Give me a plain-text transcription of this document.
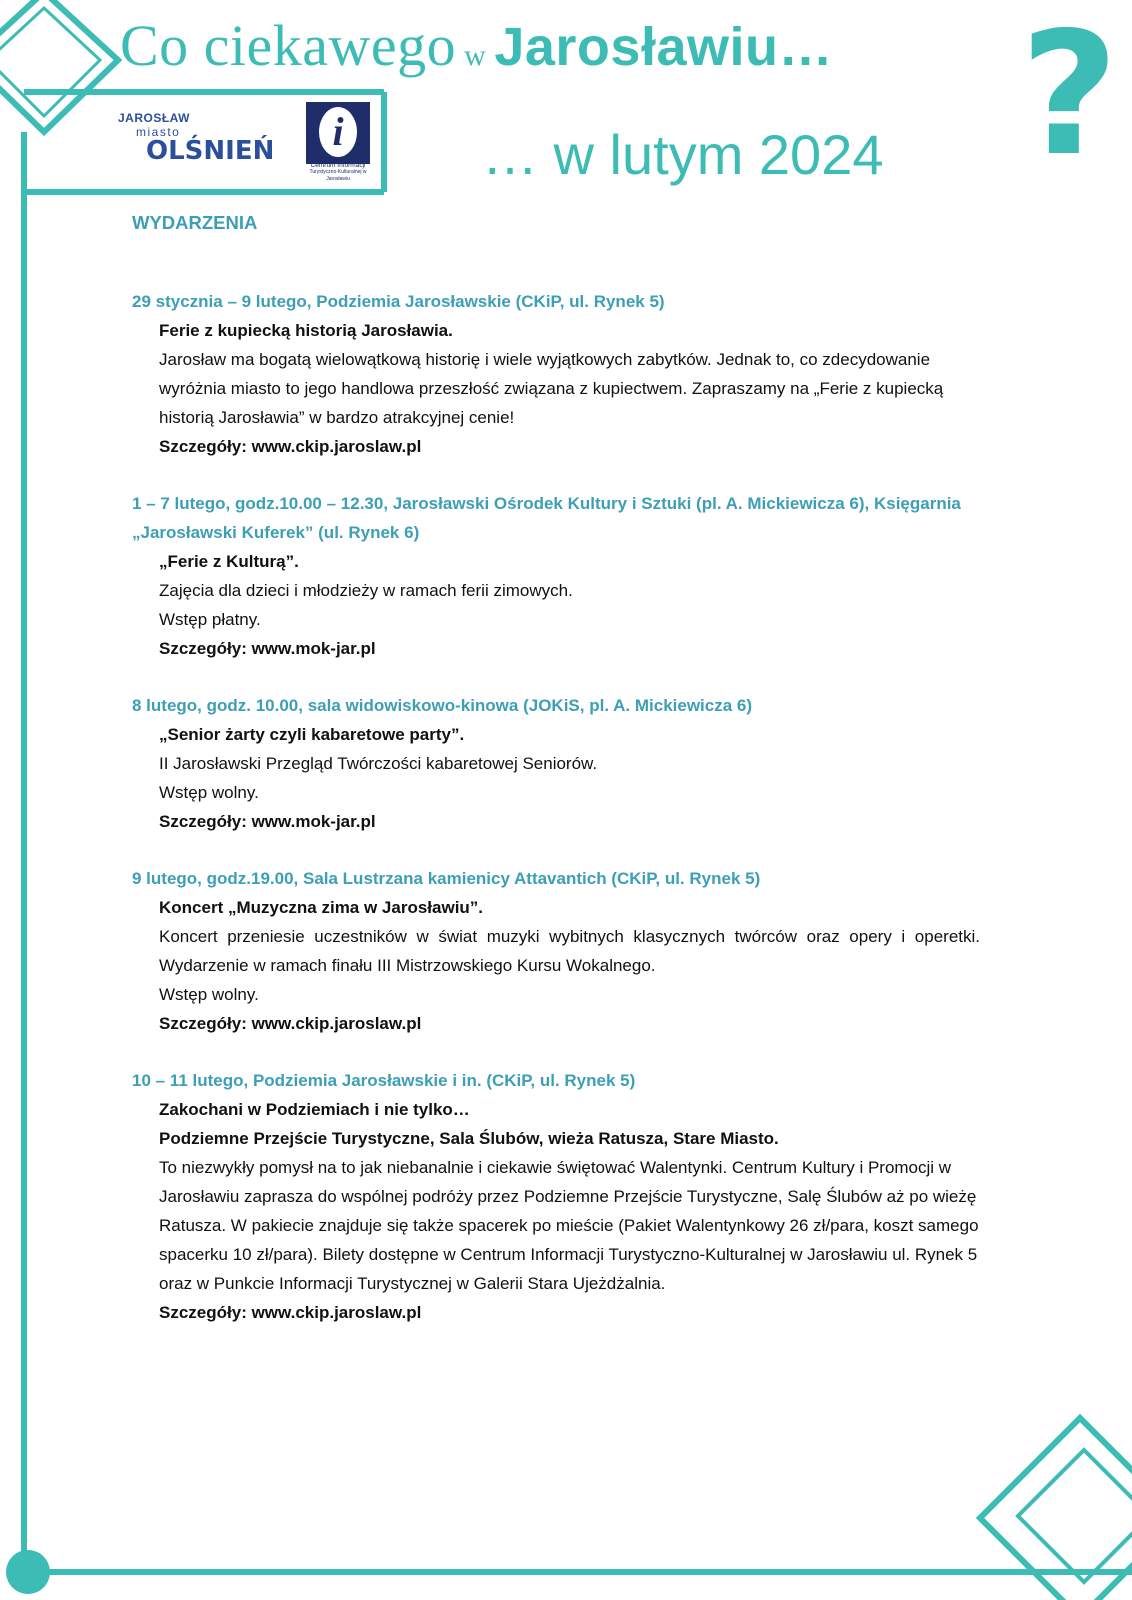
Co ciekawego w Jarosławiu…
… w lutym 2024 ?
JAROSŁAW
miasto
OLŚNIEŃ	i
Centrum Informacji
Turystyczno-Kulturalnej w Jarosławiu
WYDARZENIA
29 stycznia – 9 lutego, Podziemia Jarosławskie (CKiP, ul. Rynek 5)
Ferie z kupiecką historią Jarosławia.

Jarosław ma bogatą wielowątkową historię i wiele wyjątkowych zabytków. Jednak to, co zdecydowanie wyróżnia miasto to jego handlowa przeszłość związana z kupiectwem. Zapraszamy na „Ferie z kupiecką historią Jarosławia” w bardzo atrakcyjnej cenie!

Szczegóły: www.ckip.jaroslaw.pl
1 – 7 lutego, godz.10.00 – 12.30, Jarosławski Ośrodek Kultury i Sztuki (pl. A. Mickiewicza 6), Księgarnia „Jarosławski Kuferek” (ul. Rynek 6)
„Ferie z Kulturą”.

Zajęcia dla dzieci i młodzieży w ramach ferii zimowych.

Wstęp płatny.
Szczegóły: www.mok-jar.pl
8 lutego, godz. 10.00, sala widowiskowo-kinowa (JOKiS, pl. A. Mickiewicza 6)
„Senior żarty czyli kabaretowe party”.

II Jarosławski Przegląd Twórczości kabaretowej Seniorów.

Wstęp wolny.
Szczegóły: www.mok-jar.pl
9 lutego, godz.19.00, Sala Lustrzana kamienicy Attavantich (CKiP, ul. Rynek 5)
Koncert „Muzyczna zima w Jarosławiu”.

Koncert przeniesie uczestników w świat muzyki wybitnych klasycznych twórców oraz opery i operetki. Wydarzenie w ramach finału III Mistrzowskiego Kursu Wokalnego.

Wstęp wolny.
Szczegóły: www.ckip.jaroslaw.pl
10 – 11 lutego, Podziemia Jarosławskie i in. (CKiP, ul. Rynek 5)
Zakochani w Podziemiach i nie tylko…
Podziemne Przejście Turystyczne, Sala Ślubów, wieża Ratusza, Stare Miasto.

To niezwykły pomysł na to jak niebanalnie i ciekawie świętować Walentynki. Centrum Kultury i Promocji w Jarosławiu zaprasza do wspólnej podróży przez Podziemne Przejście Turystyczne, Salę Ślubów aż po wieżę Ratusza. W pakiecie znajduje się także spacerek po mieście (Pakiet Walentynkowy 26 zł/para, koszt samego spacerku 10 zł/para). Bilety dostępne w Centrum Informacji Turystyczno-Kulturalnej w Jarosławiu ul. Rynek 5 oraz w Punkcie Informacji Turystycznej w Galerii Stara Ujeżdżalnia.

Szczegóły: www.ckip.jaroslaw.pl
